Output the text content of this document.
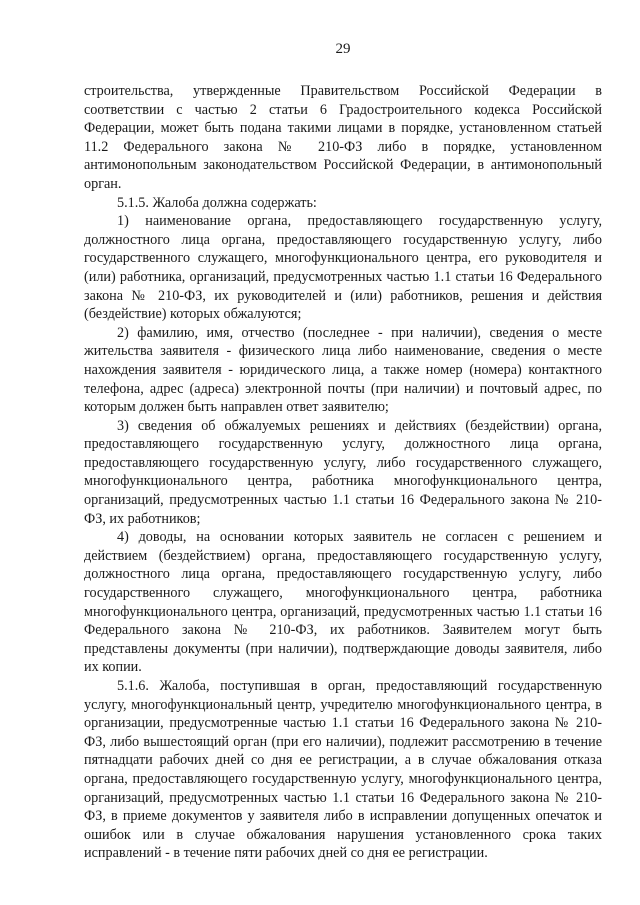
29

строительства, утвержденные Правительством Российской Федерации в соответствии с частью 2 статьи 6 Градостроительного кодекса Российской Федерации, может быть подана такими лицами в порядке, установленном статьей 11.2 Федерального закона № 210-ФЗ либо в порядке, установленном антимонопольным законодательством Российской Федерации, в антимонопольный орган.

5.1.5. Жалоба должна содержать:

1) наименование органа, предоставляющего государственную услугу, должностного лица органа, предоставляющего государственную услугу, либо государственного служащего, многофункционального центра, его руководителя и (или) работника, организаций, предусмотренных частью 1.1 статьи 16 Федерального закона № 210-ФЗ, их руководителей и (или) работников, решения и действия (бездействие) которых обжалуются;

2) фамилию, имя, отчество (последнее - при наличии), сведения о месте жительства заявителя - физического лица либо наименование, сведения о месте нахождения заявителя - юридического лица, а также номер (номера) контактного телефона, адрес (адреса) электронной почты (при наличии) и почтовый адрес, по которым должен быть направлен ответ заявителю;

3) сведения об обжалуемых решениях и действиях (бездействии) органа, предоставляющего государственную услугу, должностного лица органа, предоставляющего государственную услугу, либо государственного служащего, многофункционального центра, работника многофункционального центра, организаций, предусмотренных частью 1.1 статьи 16 Федерального закона № 210-ФЗ, их работников;

4) доводы, на основании которых заявитель не согласен с решением и действием (бездействием) органа, предоставляющего государственную услугу, должностного лица органа, предоставляющего государственную услугу, либо государственного служащего, многофункционального центра, работника многофункционального центра, организаций, предусмотренных частью 1.1 статьи 16 Федерального закона № 210-ФЗ, их работников. Заявителем могут быть представлены документы (при наличии), подтверждающие доводы заявителя, либо их копии.

5.1.6. Жалоба, поступившая в орган, предоставляющий государственную услугу, многофункциональный центр, учредителю многофункционального центра, в организации, предусмотренные частью 1.1 статьи 16 Федерального закона № 210-ФЗ, либо вышестоящий орган (при его наличии), подлежит рассмотрению в течение пятнадцати рабочих дней со дня ее регистрации, а в случае обжалования отказа органа, предоставляющего государственную услугу, многофункционального центра, организаций, предусмотренных частью 1.1 статьи 16 Федерального закона № 210-ФЗ, в приеме документов у заявителя либо в исправлении допущенных опечаток и ошибок или в случае обжалования нарушения установленного срока таких исправлений - в течение пяти рабочих дней со дня ее регистрации.
